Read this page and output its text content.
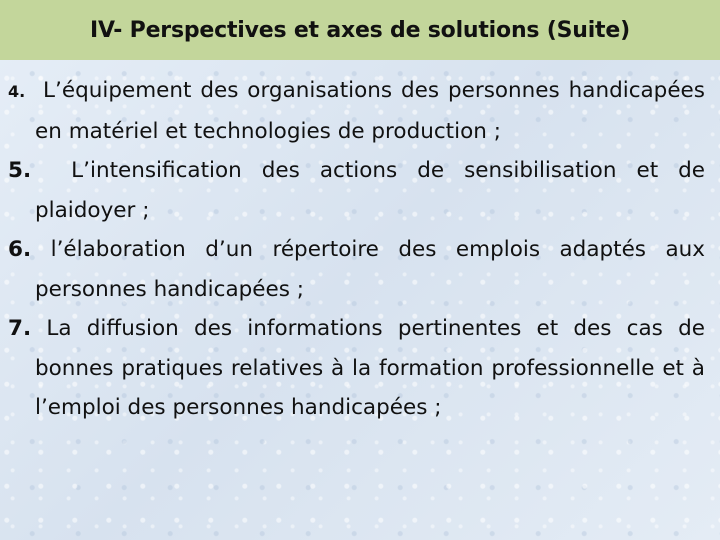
IV- Perspectives et axes de solutions (Suite)

4. L’équipement des organisations des personnes handicapées en matériel et technologies de production ;

5. L’intensification des actions de sensibilisation et de plaidoyer ;

6. l’élaboration d’un répertoire des emplois adaptés aux personnes handicapées ;

7. La diffusion des informations pertinentes et des cas de bonnes pratiques relatives à la formation professionnelle et à l’emploi des personnes handicapées ;
